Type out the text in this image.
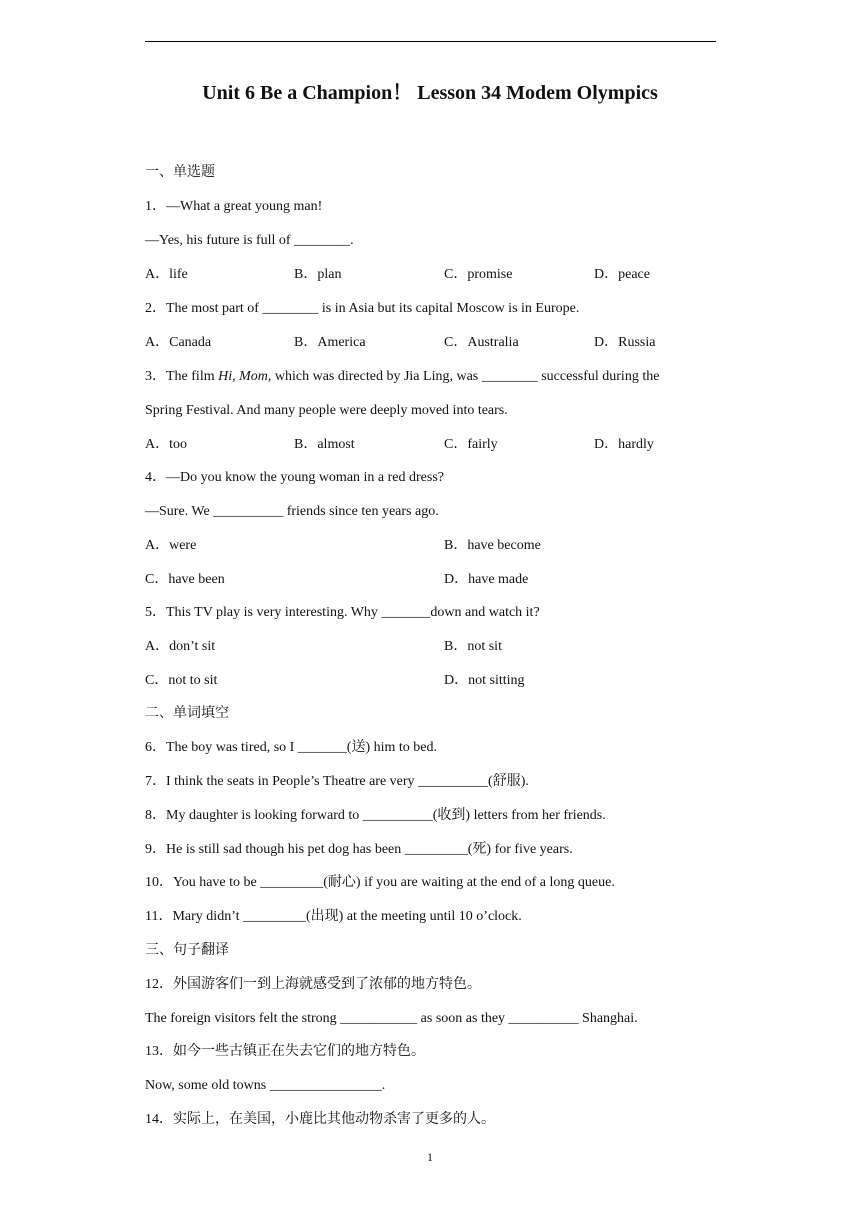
Unit 6 Be a Champion！ Lesson 34 Modem Olympics
一、单选题
1．—What a great young man!
—Yes, his future is full of ________.
A．life	B．plan	C．promise	D．peace
2．The most part of ________ is in Asia but its capital Moscow is in Europe.
A．Canada	B．America	C．Australia	D．Russia
3．The film Hi, Mom, which was directed by Jia Ling, was ________ successful during the
Spring Festival. And many people were deeply moved into tears.
A．too	B．almost	C．fairly	D．hardly
4．—Do you know the young woman in a red dress?
—Sure. We __________ friends since ten years ago.
A．were	B．have become
C．have been	D．have made
5．This TV play is very interesting. Why _______down and watch it?
A．don’t sit	B．not sit
C．not to sit	D．not sitting
二、单词填空
6．The boy was tired, so I _______(送) him to bed.
7．I think the seats in People’s Theatre are very __________(舒服).
8．My daughter is looking forward to __________(收到) letters from her friends.
9．He is still sad though his pet dog has been _________(死) for five years.
10．You have to be _________(耐心) if you are waiting at the end of a long queue.
11．Mary didn’t _________(出现) at the meeting until 10 o’clock.
三、句子翻译
12．外国游客们一到上海就感受到了浓郁的地方特色。
The foreign visitors felt the strong ___________ as soon as they __________ Shanghai.
13．如今一些古镇正在失去它们的地方特色。
Now, some old towns ________________.
14．实际上，在美国，小鹿比其他动物杀害了更多的人。
1
